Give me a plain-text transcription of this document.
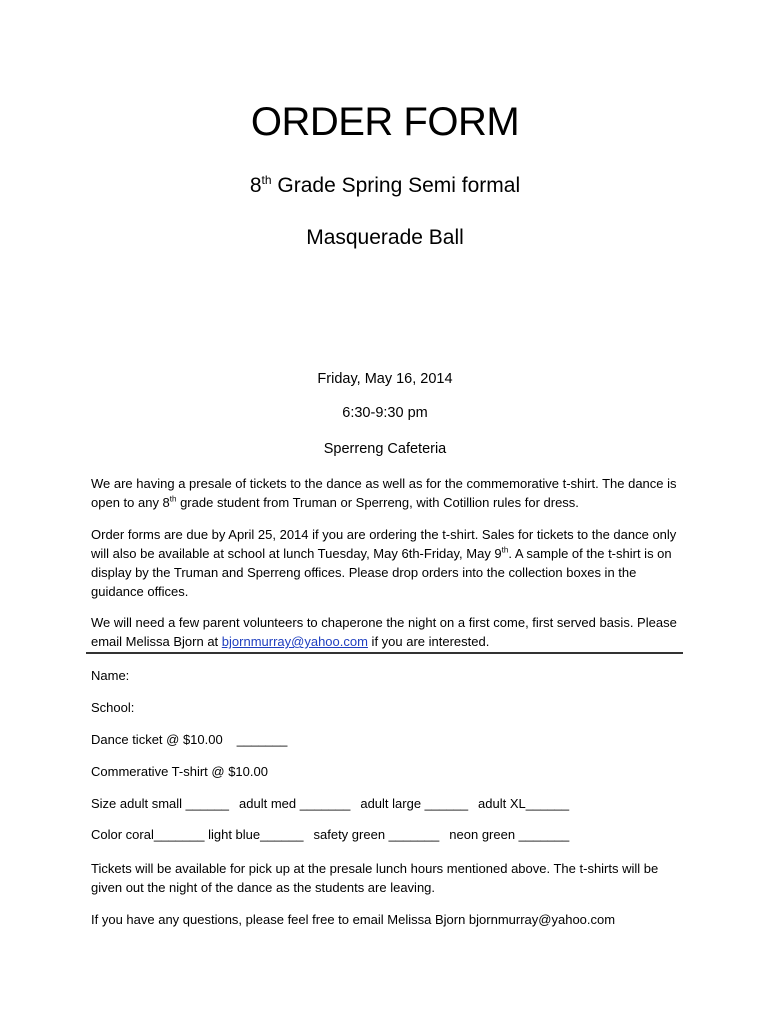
ORDER FORM
8th Grade Spring Semi formal
Masquerade Ball
Friday, May 16, 2014
6:30-9:30 pm
Sperreng Cafeteria

We are having a presale of tickets to the dance as well as for the commemorative t-shirt. The dance is open to any 8th grade student from Truman or Sperreng, with Cotillion rules for dress.

Order forms are due by April 25, 2014 if you are ordering the t-shirt. Sales for tickets to the dance only will also be available at school at lunch Tuesday, May 6th-Friday, May 9th. A sample of the t-shirt is on display by the Truman and Sperreng offices. Please drop orders into the collection boxes in the guidance offices.

We will need a few parent volunteers to chaperone the night on a first come, first served basis. Please email Melissa Bjorn at bjornmurray@yahoo.com if you are interested.

Name:
School:
Dance ticket @ $10.00 _______
Commerative T-shirt @ $10.00
Size adult small ______ adult med _______ adult large ______ adult XL______
Color coral_______ light blue______ safety green _______ neon green _______

Tickets will be available for pick up at the presale lunch hours mentioned above. The t-shirts will be given out the night of the dance as the students are leaving.

If you have any questions, please feel free to email Melissa Bjorn bjornmurray@yahoo.com
